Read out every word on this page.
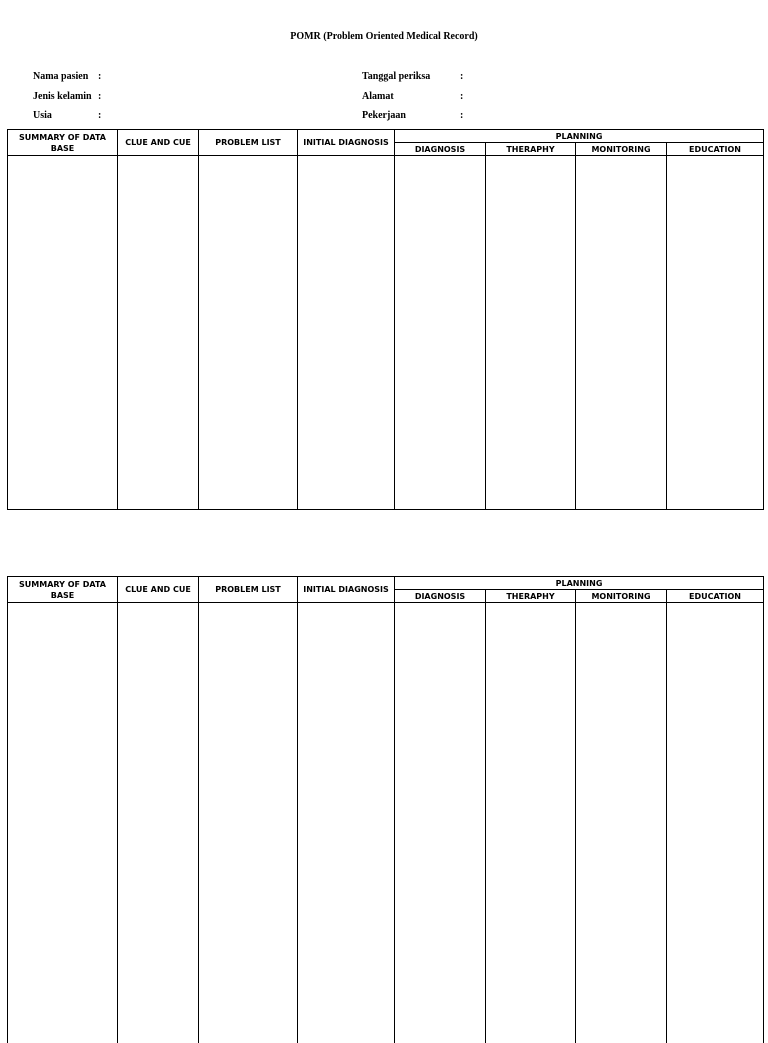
POMR (Problem Oriented Medical Record)
Nama pasien :
Jenis kelamin :
Usia	:
Tanggal periksa	:
Alamat	:
Pekerjaan	:
SUMMARY OF DATA BASE	CLUE AND CUE	PROBLEM LIST	INITIAL DIAGNOSIS	PLANNING			
				DIAGNOSIS	THERAPHY	MONITORING	EDUCATION

SUMMARY OF DATA BASE	CLUE AND CUE	PROBLEM LIST	INITIAL DIAGNOSIS	PLANNING			
				DIAGNOSIS	THERAPHY	MONITORING	EDUCATION
